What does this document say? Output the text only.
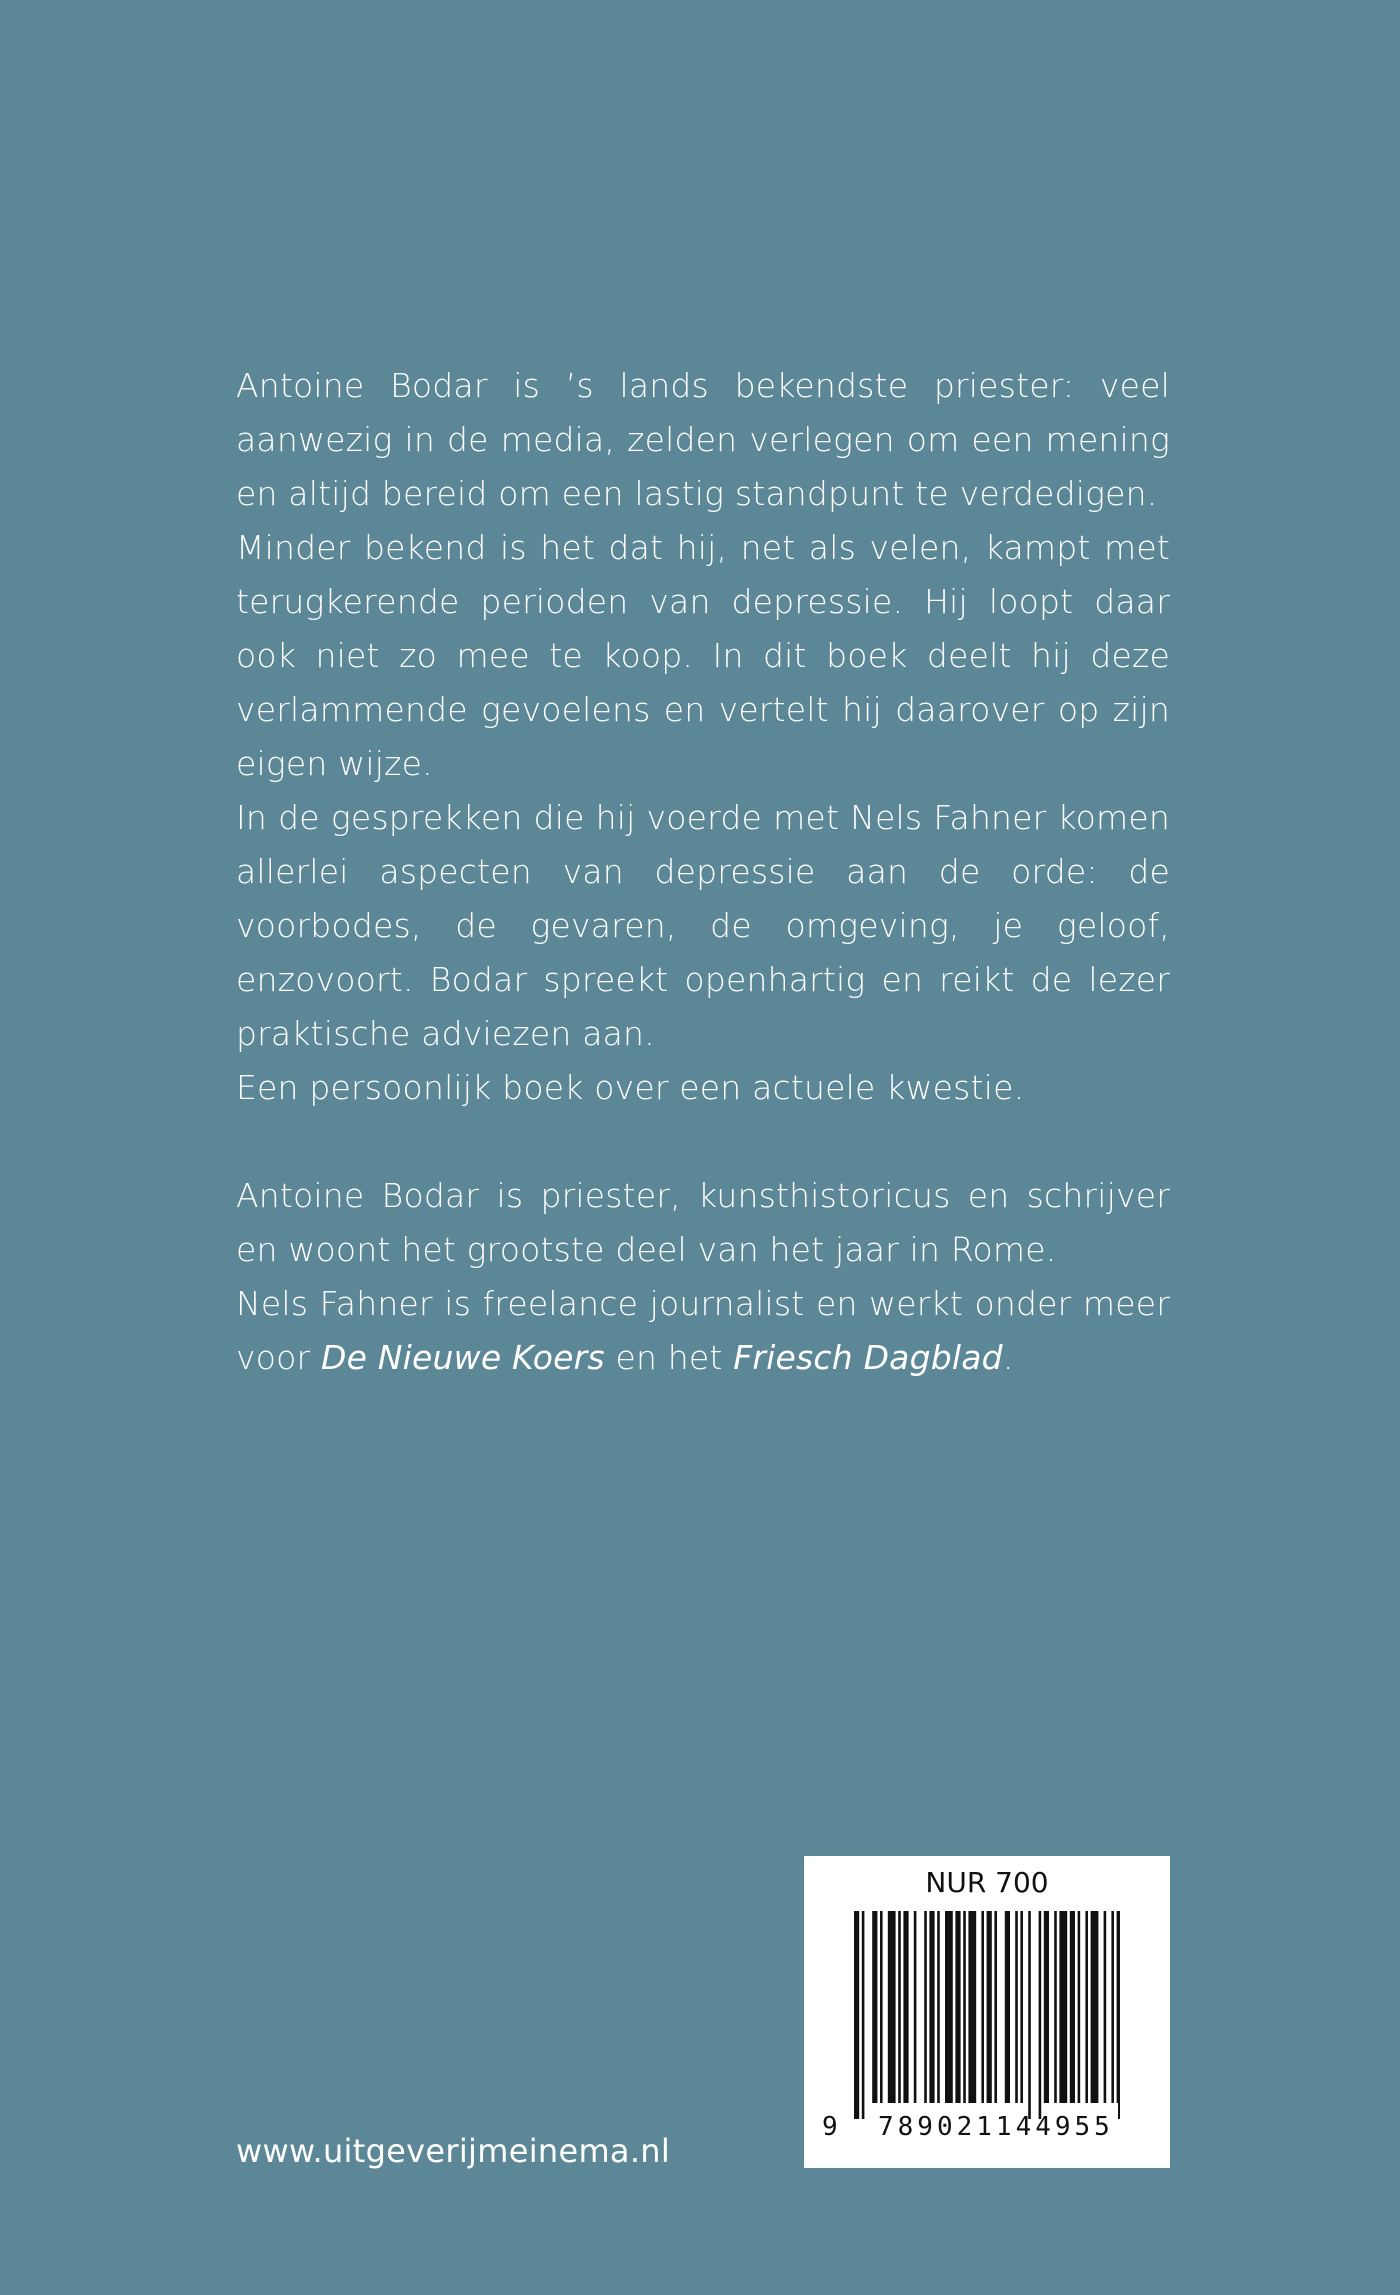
Antoine Bodar is ’s lands bekendste priester: veel aanwezig in de media, zelden verlegen om een mening en altijd bereid om een lastig standpunt te verdedigen.

Minder bekend is het dat hij, net als velen, kampt met terugkerende perioden van depressie. Hij loopt daar ook niet zo mee te koop. In dit boek deelt hij deze verlammende gevoelens en vertelt hij daarover op zijn eigen wijze.

In de gesprekken die hij voerde met Nels Fahner komen allerlei aspecten van depressie aan de orde: de voorbodes, de gevaren, de omgeving, je geloof, enzovoort. Bodar spreekt openhartig en reikt de lezer praktische adviezen aan.

Een persoonlijk boek over een actuele kwestie.

Antoine Bodar is priester, kunsthistoricus en schrijver en woont het grootste deel van het jaar in Rome.

Nels Fahner is freelance journalist en werkt onder meer voor De Nieuwe Koers en het Friesch Dagblad.

www.uitgeverijmeinema.nl
NUR 700
9 789021144955
